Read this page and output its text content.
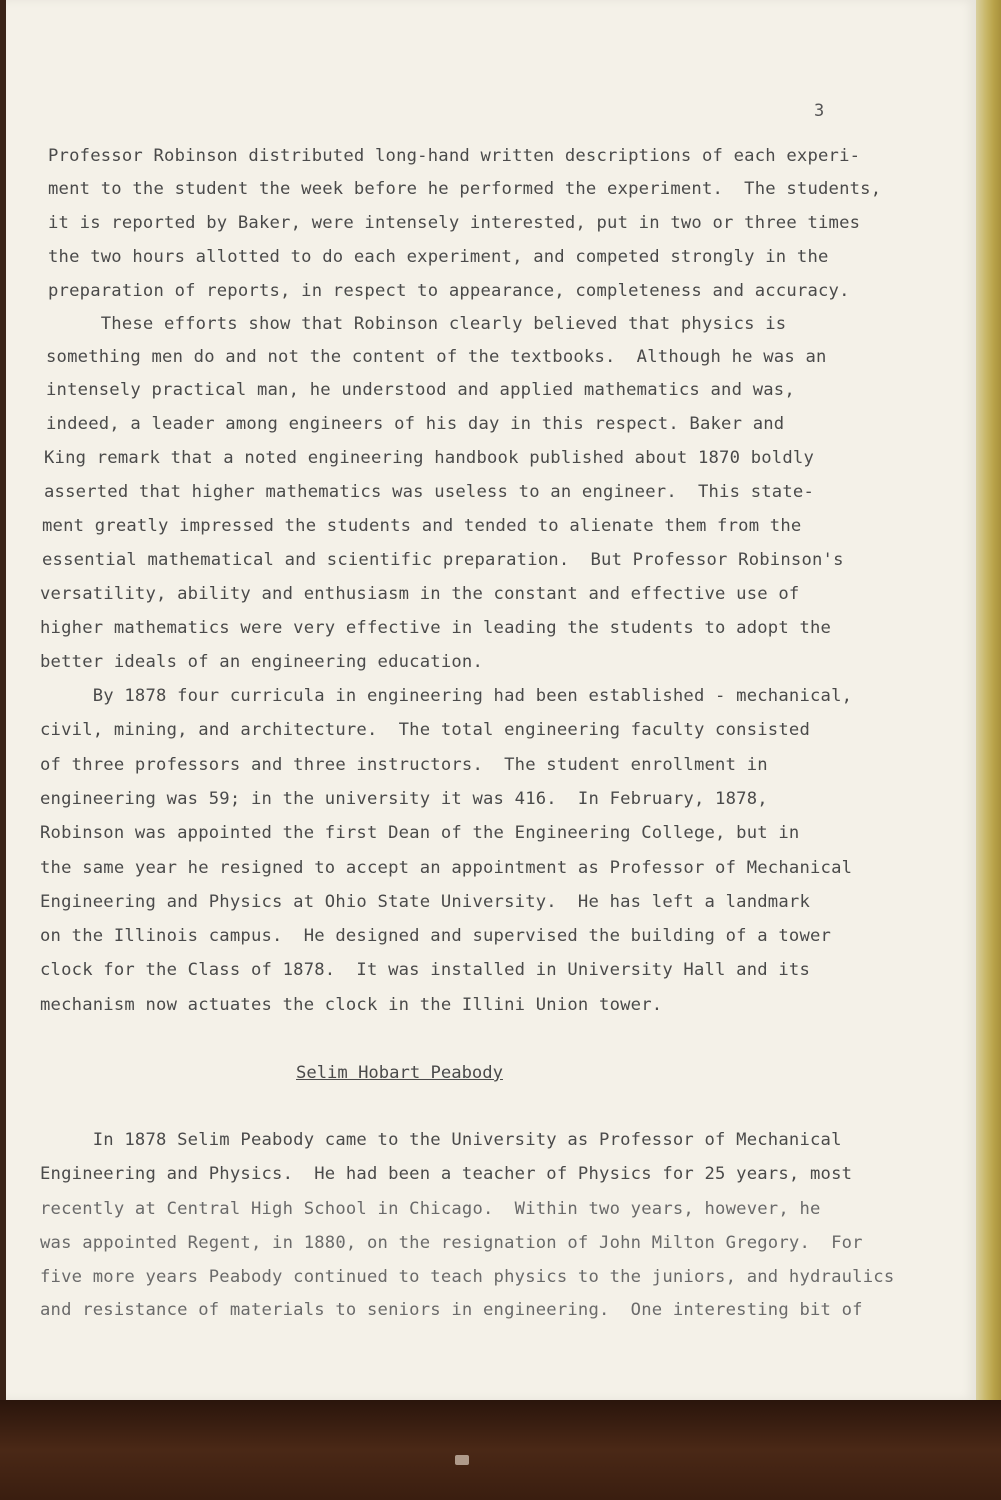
3
Professor Robinson distributed long-hand written descriptions of each experi-
ment to the student the week before he performed the experiment.  The students,
it is reported by Baker, were intensely interested, put in two or three times
the two hours allotted to do each experiment, and competed strongly in the
preparation of reports, in respect to appearance, completeness and accuracy.
These efforts show that Robinson clearly believed that physics is
something men do and not the content of the textbooks.  Although he was an
intensely practical man, he understood and applied mathematics and was,
indeed, a leader among engineers of his day in this respect. Baker and
King remark that a noted engineering handbook published about 1870 boldly
asserted that higher mathematics was useless to an engineer.  This state-
ment greatly impressed the students and tended to alienate them from the
essential mathematical and scientific preparation.  But Professor Robinson's
versatility, ability and enthusiasm in the constant and effective use of
higher mathematics were very effective in leading the students to adopt the
better ideals of an engineering education.
By 1878 four curricula in engineering had been established - mechanical,
civil, mining, and architecture.  The total engineering faculty consisted
of three professors and three instructors.  The student enrollment in
engineering was 59; in the university it was 416.  In February, 1878,
Robinson was appointed the first Dean of the Engineering College, but in
the same year he resigned to accept an appointment as Professor of Mechanical
Engineering and Physics at Ohio State University.  He has left a landmark
on the Illinois campus.  He designed and supervised the building of a tower
clock for the Class of 1878.  It was installed in University Hall and its
mechanism now actuates the clock in the Illini Union tower.
Selim Hobart Peabody
In 1878 Selim Peabody came to the University as Professor of Mechanical
Engineering and Physics.  He had been a teacher of Physics for 25 years, most
recently at Central High School in Chicago.  Within two years, however, he
was appointed Regent, in 1880, on the resignation of John Milton Gregory.  For
five more years Peabody continued to teach physics to the juniors, and hydraulics
and resistance of materials to seniors in engineering.  One interesting bit of
